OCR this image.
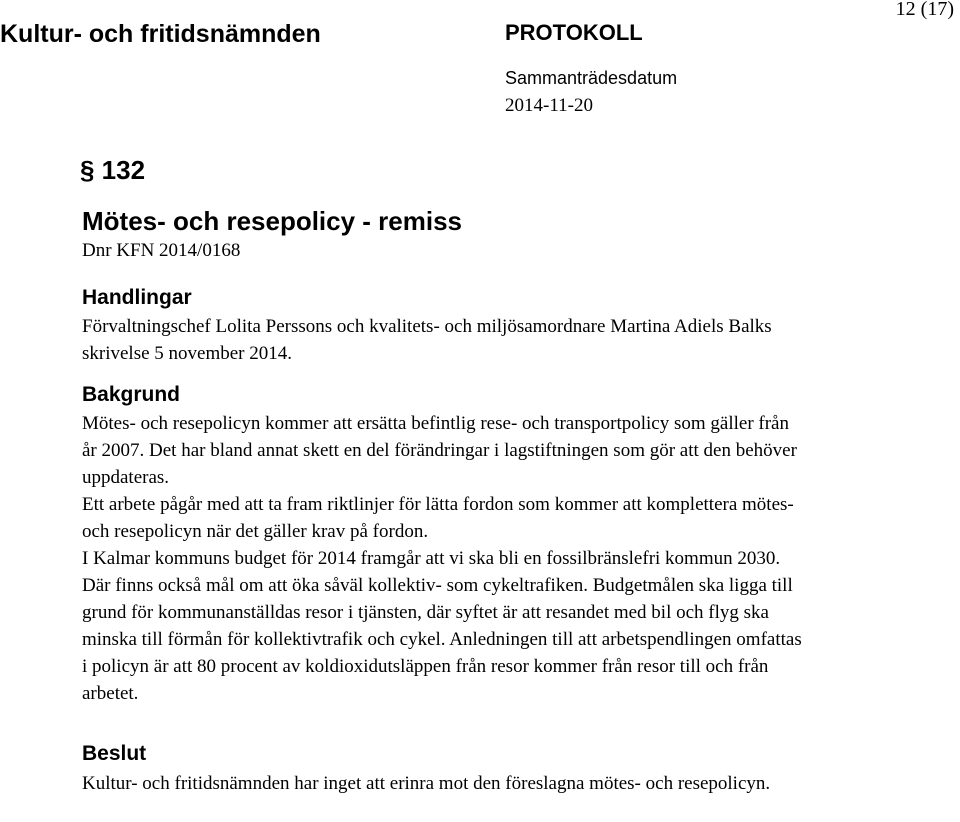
Kultur- och fritidsnämnden	PROTOKOLL
12 (17)
Sammanträdesdatum
2014-11-20
§ 132
Mötes- och resepolicy - remiss
Dnr KFN 2014/0168
Handlingar

Förvaltningschef Lolita Perssons och kvalitets- och miljösamordnare Martina Adiels Balks skrivelse 5 november 2014.

Bakgrund

Mötes- och resepolicyn kommer att ersätta befintlig rese- och transportpolicy som gäller från år 2007. Det har bland annat skett en del förändringar i lagstiftningen som gör att den behöver uppdateras.

Ett arbete pågår med att ta fram riktlinjer för lätta fordon som kommer att komplettera mötes- och resepolicyn när det gäller krav på fordon.

I Kalmar kommuns budget för 2014 framgår att vi ska bli en fossilbränslefri kommun 2030. Där finns också mål om att öka såväl kollektiv- som cykeltrafiken. Budgetmålen ska ligga till grund för kommunanställdas resor i tjänsten, där syftet är att resandet med bil och flyg ska minska till förmån för kollektivtrafik och cykel. Anledningen till att arbetspendlingen omfattas i policyn är att 80 procent av koldioxidutsläppen från resor kommer från resor till och från arbetet.

Beslut

Kultur- och fritidsnämnden har inget att erinra mot den föreslagna mötes- och resepolicyn.
